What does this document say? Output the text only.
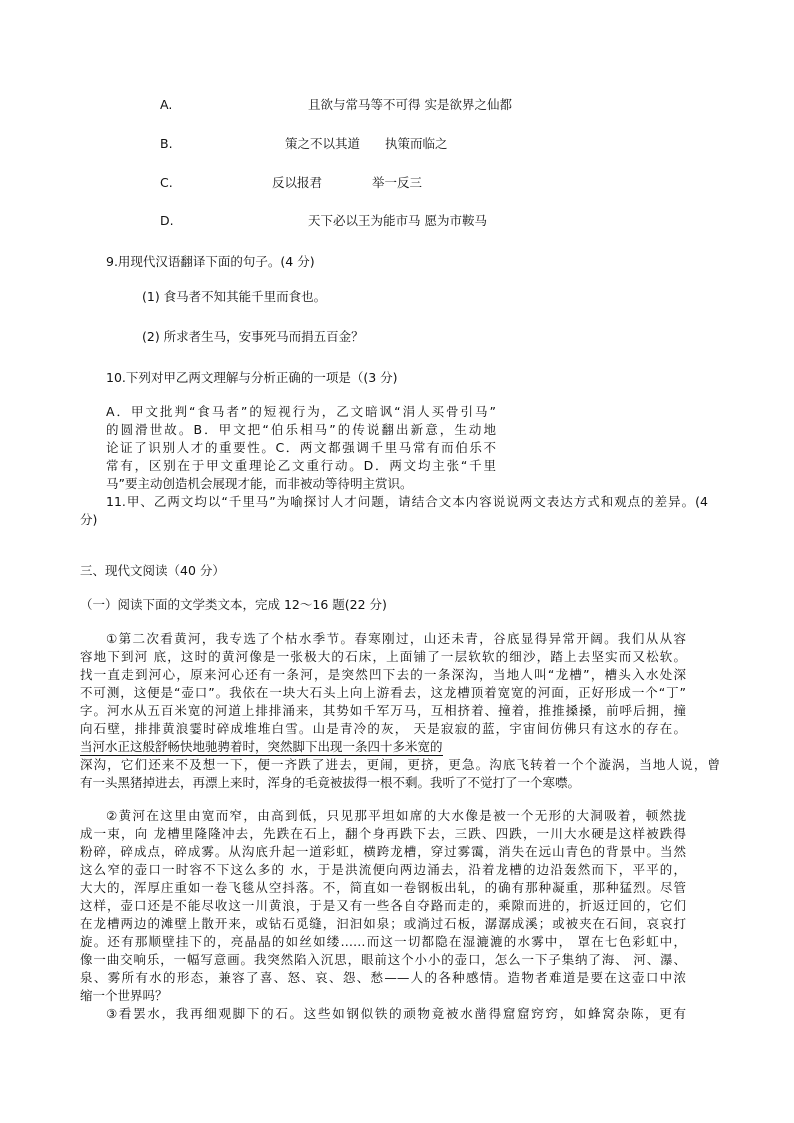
A.	且欲与常马等不可得 实是欲界之仙都
B.	策之不以其道　　执策而临之
C.	反以报君　　　　举一反三
D.	天下必以王为能市马 愿为市鞍马
9.用现代汉语翻译下面的句子。(4 分)
(1) 食马者不知其能千里而食也。
(2) 所求者生马，安事死马而捐五百金？
10.下列对甲乙两文理解与分析正确的一项是（(3 分)
A．甲文批判“食马者”的短视行为，乙文暗讽“涓人买骨引马”
的圆滑世故。B．甲文把“伯乐相马”的传说翻出新意，生动地
论证了识别人才的重要性。C．两文都强调千里马常有而伯乐不
常有，区别在于甲文重理论乙文重行动。D．两文均主张“千里
马”要主动创造机会展现才能，而非被动等待明主赏识。
11.甲、乙两文均以“千里马”为喻探讨人才问题，请结合文本内容说说两文表达方式和观点的差异。(4
分)
三、现代文阅读（40 分）
（一）阅读下面的文学类文本，完成 12～16 题(22 分)
①第二次看黄河，我专选了个枯水季节。春寒刚过，山还未青，谷底显得异常开阔。我们从从容
容地下到河 底，这时的黄河像是一张极大的石床，上面铺了一层软软的细沙，踏上去坚实而又松软。
找一直走到河心，原来河心还有一条河，是突然凹下去的一条深沟，当地人叫“龙槽”，槽头入水处深
不可测，这便是“壶口”。我依在一块大石头上向上游看去，这龙槽顶着宽宽的河面，正好形成一个“丁”
字。河水从五百米宽的河道上排排涌来，其势如千军万马，互相挤着、撞着，推推搡搡，前呼后拥，撞
向石壁，排排黄浪霎时碎成堆堆白雪。山是青冷的灰， 天是寂寂的蓝，宇宙间仿佛只有这水的存在。
当河水正这般舒畅快地驰骋着时，突然脚下出现一条四十多米宽的
深沟，它们还来不及想一下，便一齐跌了进去，更闹，更挤，更急。沟底飞转着一个个漩涡，当地人说，曾
有一头黑猪掉进去，再漂上来时，浑身的毛竟被拔得一根不剩。我听了不觉打了一个寒噤。
②黄河在这里由宽而窄，由高到低，只见那平坦如席的大水像是被一个无形的大洞吸着，顿然拢
成一束，向 龙槽里隆隆冲去，先跌在石上，翻个身再跌下去，三跌、四跌，一川大水硬是这样被跌得
粉碎，碎成点，碎成雾。从沟底升起一道彩虹，横跨龙槽，穿过雾霭，消失在远山青色的背景中。当然
这么窄的壶口一时容不下这么多的 水，于是洪流便向两边涌去，沿着龙槽的边沿轰然而下，平平的，
大大的，浑厚庄重如一卷飞毯从空抖落。不，简直如一卷钢板出轧，的确有那种凝重，那种猛烈。尽管
这样，壶口还是不能尽收这一川黄浪，于是又有一些各自夺路而走的，乘隙而进的，折返迂回的，它们
在龙槽两边的滩壁上散开来，或钻石觅缝，汩汩如泉；或淌过石板，潺潺成溪；或被夹在石间，哀哀打
旋。还有那顺壁挂下的，亮晶晶的如丝如缕……而这一切都隐在湿漉漉的水雾中， 罩在七色彩虹中，
像一曲交响乐，一幅写意画。我突然陷入沉思，眼前这个小小的壶口，怎么一下子集纳了海、 河、瀑、
泉、雾所有水的形态，兼容了喜、怒、哀、怨、愁——人的各种感情。造物者难道是要在这壶口中浓
缩一个世界吗？
③看罢水，我再细观脚下的石。这些如钢似铁的顽物竟被水凿得窟窟窍窍，如蜂窝杂陈，更有
